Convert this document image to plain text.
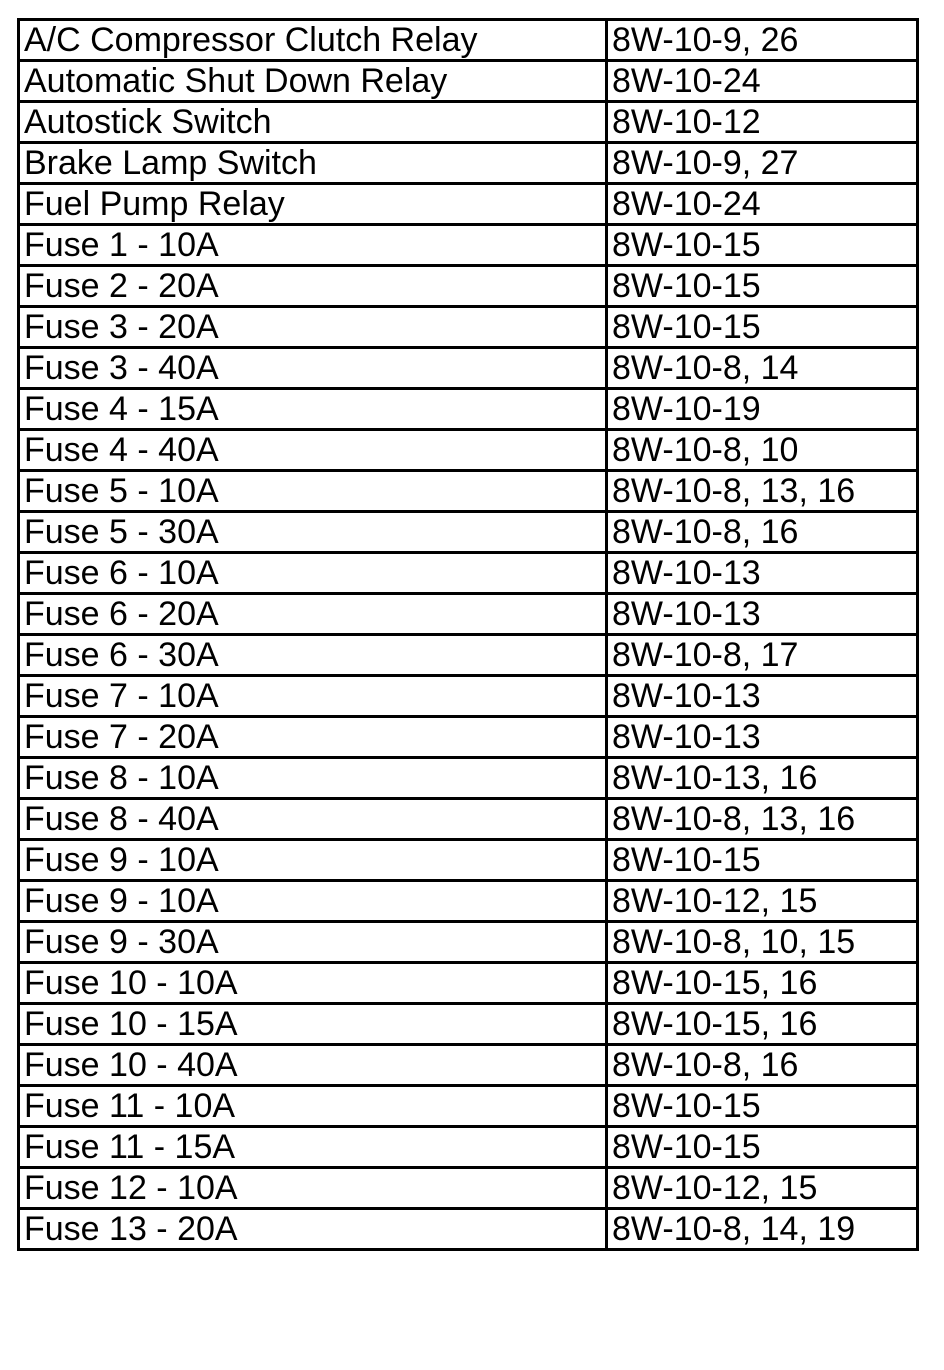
A/C Compressor Clutch Relay	8W-10-9, 26
Automatic Shut Down Relay	8W-10-24
Autostick Switch	8W-10-12
Brake Lamp Switch	8W-10-9, 27
Fuel Pump Relay	8W-10-24
Fuse 1 - 10A	8W-10-15
Fuse 2 - 20A	8W-10-15
Fuse 3 - 20A	8W-10-15
Fuse 3 - 40A	8W-10-8, 14
Fuse 4 - 15A	8W-10-19
Fuse 4 - 40A	8W-10-8, 10
Fuse 5 - 10A	8W-10-8, 13, 16
Fuse 5 - 30A	8W-10-8, 16
Fuse 6 - 10A	8W-10-13
Fuse 6 - 20A	8W-10-13
Fuse 6 - 30A	8W-10-8, 17
Fuse 7 - 10A	8W-10-13
Fuse 7 - 20A	8W-10-13
Fuse 8 - 10A	8W-10-13, 16
Fuse 8 - 40A	8W-10-8, 13, 16
Fuse 9 - 10A	8W-10-15
Fuse 9 - 10A	8W-10-12, 15
Fuse 9 - 30A	8W-10-8, 10, 15
Fuse 10 - 10A	8W-10-15, 16
Fuse 10 - 15A	8W-10-15, 16
Fuse 10 - 40A	8W-10-8, 16
Fuse 11 - 10A	8W-10-15
Fuse 11 - 15A	8W-10-15
Fuse 12 - 10A	8W-10-12, 15
Fuse 13 - 20A	8W-10-8, 14, 19
